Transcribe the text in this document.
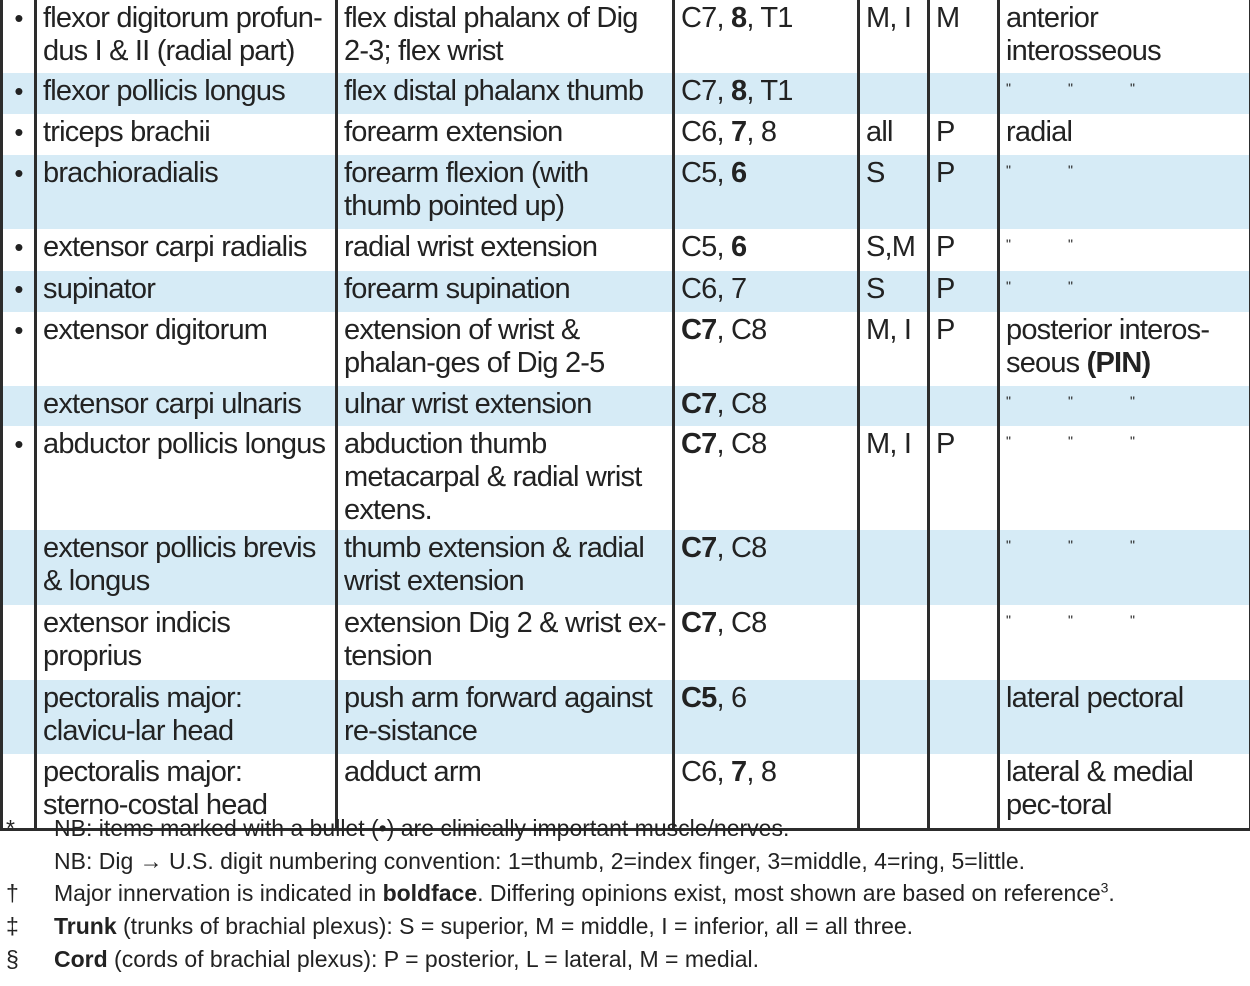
•	flexor digitorum profun-dus I & II (radial part)	flex distal phalanx of Dig 2-3; flex wrist	C7, 8, T1	M, I	M	anterior interosseous
•	flexor pollicis longus	flex distal phalanx thumb	C7, 8, T1			" " "
•	triceps brachii	forearm extension	C6, 7, 8	all	P	radial
•	brachioradialis	forearm flexion (with thumb pointed up)	C5, 6	S	P	" "
•	extensor carpi radialis	radial wrist extension	C5, 6	S,M	P	" "
•	supinator	forearm supination	C6, 7	S	P	" "
•	extensor digitorum	extension of wrist & phalan-ges of Dig 2-5	C7, C8	M, I	P	posterior interos-seous (PIN)
	extensor carpi ulnaris	ulnar wrist extension	C7, C8			" " "
•	abductor pollicis longus	abduction thumb metacarpal & radial wrist extens.	C7, C8	M, I	P	" " "
	extensor pollicis brevis & longus	thumb extension & radial wrist extension	C7, C8			" " "
	extensor indicis proprius	extension Dig 2 & wrist ex-tension	C7, C8			" " "
	pectoralis major: clavicu-lar head	push arm forward against re-sistance	C5, 6			lateral pectoral
	pectoralis major: sterno-costal head	adduct arm	C6, 7, 8			lateral & medial pec-toral
*	NB: items marked with a bullet (•) are clinically important muscle/nerves.
NB: Dig → U.S. digit numbering convention: 1=thumb, 2=index finger, 3=middle, 4=ring, 5=little.
†	Major innervation is indicated in boldface. Differing opinions exist, most shown are based on reference$^3$.
‡	Trunk (trunks of brachial plexus): S = superior, M = middle, I = inferior, all = all three.
§	Cord (cords of brachial plexus): P = posterior, L = lateral, M = medial.
